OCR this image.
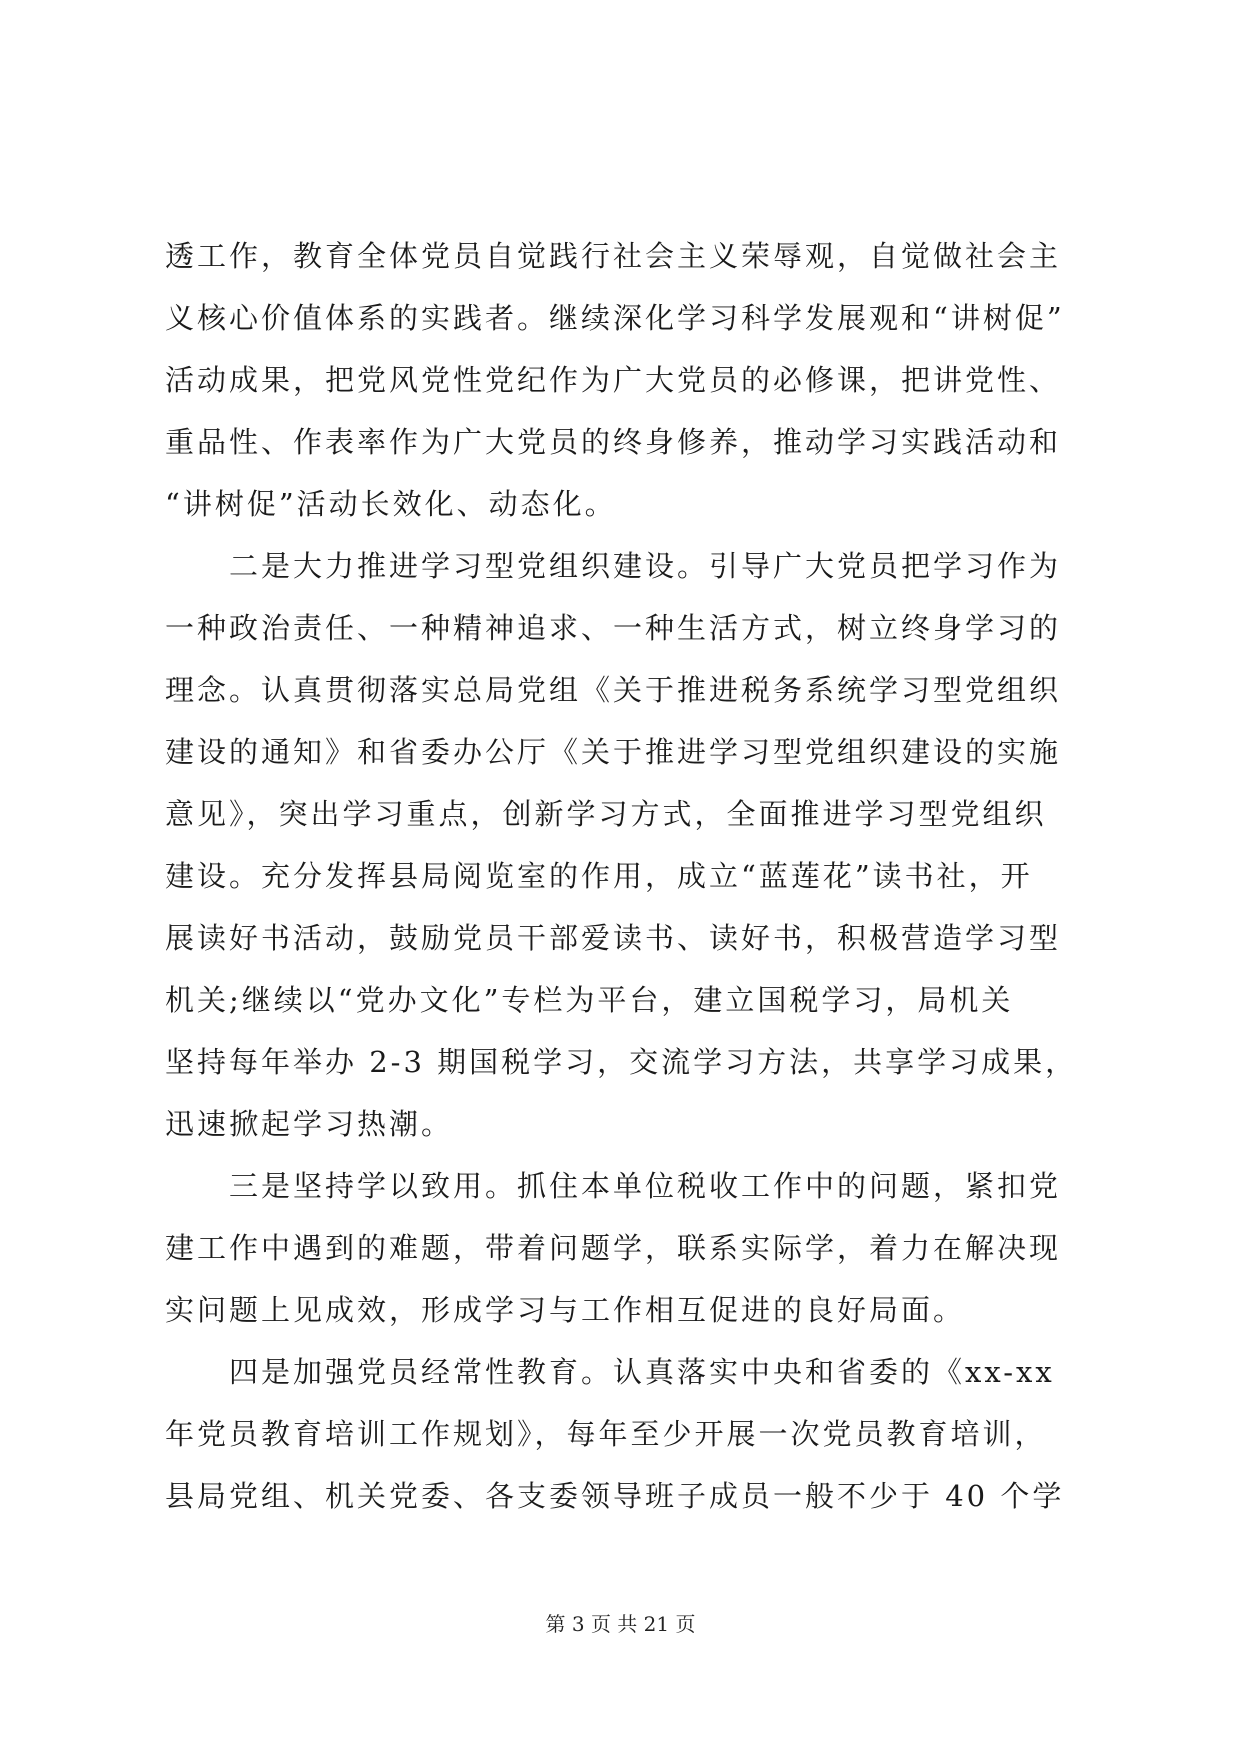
透工作，教育全体党员自觉践行社会主义荣辱观，自觉做社会主
义核心价值体系的实践者。继续深化学习科学发展观和“讲树促”
活动成果，把党风党性党纪作为广大党员的必修课，把讲党性、
重品性、作表率作为广大党员的终身修养，推动学习实践活动和
“讲树促”活动长效化、动态化。
　　二是大力推进学习型党组织建设。引导广大党员把学习作为
一种政治责任、一种精神追求、一种生活方式，树立终身学习的
理念。认真贯彻落实总局党组《关于推进税务系统学习型党组织
建设的通知》和省委办公厅《关于推进学习型党组织建设的实施
意见》，突出学习重点，创新学习方式，全面推进学习型党组织
建设。充分发挥县局阅览室的作用，成立“蓝莲花”读书社，开
展读好书活动，鼓励党员干部爱读书、读好书，积极营造学习型
机关;继续以“党办文化”专栏为平台，建立国税学习，局机关
坚持每年举办 2-3 期国税学习，交流学习方法，共享学习成果，
迅速掀起学习热潮。
　　三是坚持学以致用。抓住本单位税收工作中的问题，紧扣党
建工作中遇到的难题，带着问题学，联系实际学，着力在解决现
实问题上见成效，形成学习与工作相互促进的良好局面。
　　四是加强党员经常性教育。认真落实中央和省委的《xx-xx
年党员教育培训工作规划》，每年至少开展一次党员教育培训，
县局党组、机关党委、各支委领导班子成员一般不少于 40 个学
第 3 页 共 21 页
